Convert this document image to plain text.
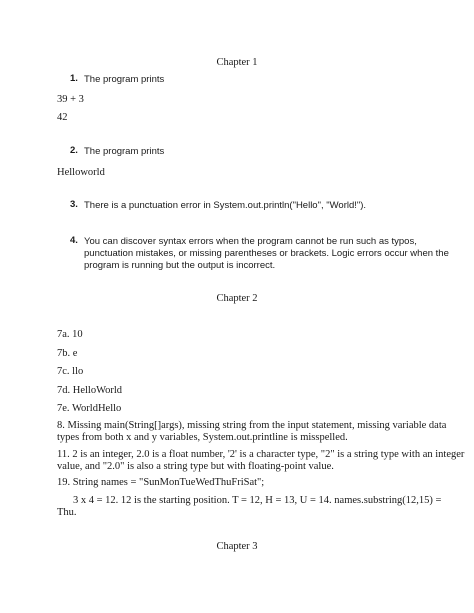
Chapter 1
1. The program prints
39 + 3
42
2. The program prints
Helloworld
3. There is a punctuation error in System.out.println("Hello", "World!").
4. You can discover syntax errors when the program cannot be run such as typos,
punctuation mistakes, or missing parentheses or brackets. Logic errors occur when the
program is running but the output is incorrect.
Chapter 2
7a. 10
7b. e
7c. llo
7d. HelloWorld
7e. WorldHello
8. Missing main(String[]args), missing string from the input statement, missing variable data
types from both x and y variables, System.out.printline is misspelled.
11. 2 is an integer, 2.0 is a float number, '2' is a character type, "2" is a string type with an integer
value, and "2.0" is also a string type but with floating-point value.
19. String names = "SunMonTueWedThuFriSat";
3 x 4 = 12. 12 is the starting position. T = 12, H = 13, U = 14. names.substring(12,15) =
Thu.
Chapter 3
